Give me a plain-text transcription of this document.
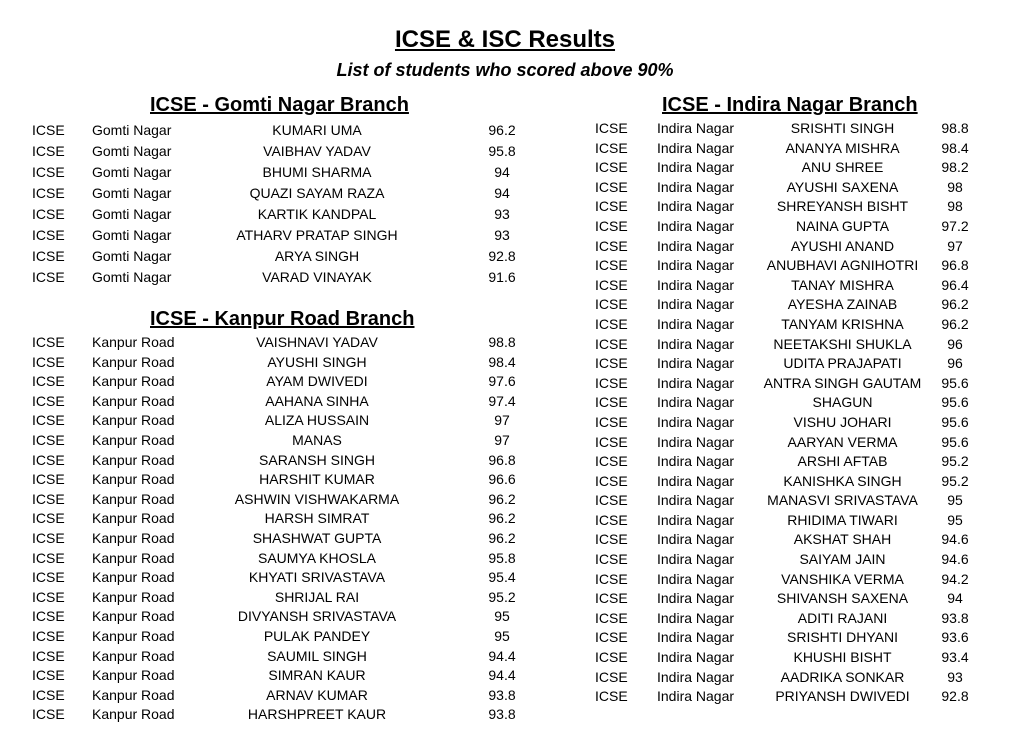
ICSE & ISC Results
List of students who scored above 90%
ICSE - Gomti Nagar Branch
ICSE Gomti Nagar	KUMARI UMA	96.2
ICSE Gomti Nagar	VAIBHAV YADAV	95.8
ICSE Gomti Nagar	BHUMI SHARMA	94
ICSE Gomti Nagar	QUAZI SAYAM RAZA	94
ICSE Gomti Nagar	KARTIK KANDPAL	93
ICSE Gomti Nagar	ATHARV PRATAP SINGH	93
ICSE Gomti Nagar	ARYA SINGH	92.8
ICSE Gomti Nagar	VARAD VINAYAK	91.6
ICSE - Kanpur Road Branch
ICSE Kanpur Road	VAISHNAVI YADAV	98.8
ICSE Kanpur Road	AYUSHI SINGH	98.4
ICSE Kanpur Road	AYAM DWIVEDI	97.6
ICSE Kanpur Road	AAHANA SINHA	97.4
ICSE Kanpur Road	ALIZA HUSSAIN	97
ICSE Kanpur Road	MANAS	97
ICSE Kanpur Road	SARANSH SINGH	96.8
ICSE Kanpur Road	HARSHIT KUMAR	96.6
ICSE Kanpur Road	ASHWIN VISHWAKARMA	96.2
ICSE Kanpur Road	HARSH SIMRAT	96.2
ICSE Kanpur Road	SHASHWAT GUPTA	96.2
ICSE Kanpur Road	SAUMYA KHOSLA	95.8
ICSE Kanpur Road	KHYATI SRIVASTAVA	95.4
ICSE Kanpur Road	SHRIJAL RAI	95.2
ICSE Kanpur Road	DIVYANSH SRIVASTAVA	95
ICSE Kanpur Road	PULAK PANDEY	95
ICSE Kanpur Road	SAUMIL SINGH	94.4
ICSE Kanpur Road	SIMRAN KAUR	94.4
ICSE Kanpur Road	ARNAV KUMAR	93.8
ICSE Kanpur Road	HARSHPREET KAUR	93.8
ICSE - Indira Nagar Branch
ICSE Indira Nagar	SRISHTI SINGH	98.8
ICSE Indira Nagar	ANANYA MISHRA	98.4
ICSE Indira Nagar	ANU SHREE	98.2
ICSE Indira Nagar	AYUSHI SAXENA	98
ICSE Indira Nagar	SHREYANSH BISHT	98
ICSE Indira Nagar	NAINA GUPTA	97.2
ICSE Indira Nagar	AYUSHI ANAND	97
ICSE Indira Nagar	ANUBHAVI AGNIHOTRI	96.8
ICSE Indira Nagar	TANAY MISHRA	96.4
ICSE Indira Nagar	AYESHA ZAINAB	96.2
ICSE Indira Nagar	TANYAM KRISHNA	96.2
ICSE Indira Nagar	NEETAKSHI SHUKLA	96
ICSE Indira Nagar	UDITA PRAJAPATI	96
ICSE Indira Nagar	ANTRA SINGH GAUTAM	95.6
ICSE Indira Nagar	SHAGUN	95.6
ICSE Indira Nagar	VISHU JOHARI	95.6
ICSE Indira Nagar	AARYAN VERMA	95.6
ICSE Indira Nagar	ARSHI AFTAB	95.2
ICSE Indira Nagar	KANISHKA SINGH	95.2
ICSE Indira Nagar	MANASVI SRIVASTAVA	95
ICSE Indira Nagar	RHIDIMA TIWARI	95
ICSE Indira Nagar	AKSHAT SHAH	94.6
ICSE Indira Nagar	SAIYAM JAIN	94.6
ICSE Indira Nagar	VANSHIKA VERMA	94.2
ICSE Indira Nagar	SHIVANSH SAXENA	94
ICSE Indira Nagar	ADITI RAJANI	93.8
ICSE Indira Nagar	SRISHTI DHYANI	93.6
ICSE Indira Nagar	KHUSHI BISHT	93.4
ICSE Indira Nagar	AADRIKA SONKAR	93
ICSE Indira Nagar	PRIYANSH DWIVEDI	92.8
